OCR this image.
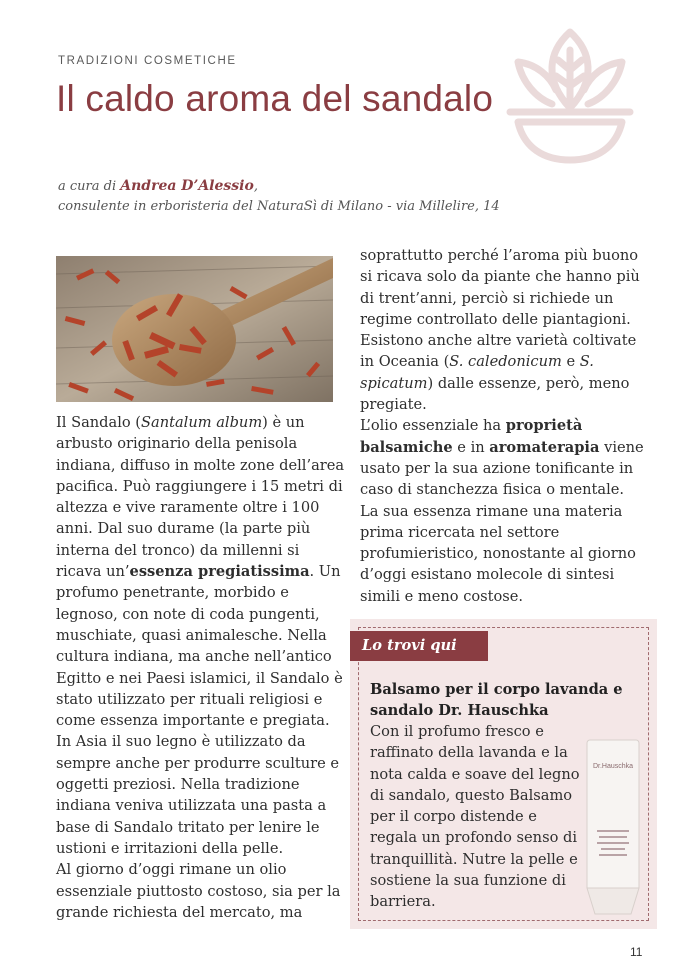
TRADIZIONI COSMETICHE
Il caldo aroma del sandalo
a cura di Andrea D’Alessio,
consulente in erboristeria del NaturaSì di Milano - via Millelire, 14

Il Sandalo (Santalum album) è un arbusto originario della penisola indiana, diffuso in molte zone dell’area pacifica. Può raggiungere i 15 metri di altezza e vive raramente oltre i 100 anni. Dal suo durame (la parte più interna del tronco) da millenni si ricava un’essenza pregiatissima. Un profumo penetrante, morbido e legnoso, con note di coda pungenti, muschiate, quasi animalesche. Nella cultura indiana, ma anche nell’antico Egitto e nei Paesi islamici, il Sandalo è stato utilizzato per rituali religiosi e come essenza importante e pregiata. In Asia il suo legno è utilizzato da sempre anche per produrre sculture e oggetti preziosi. Nella tradizione indiana veniva utilizzata una pasta a base di Sandalo tritato per lenire le ustioni e irritazioni della pelle.

Al giorno d’oggi rimane un olio essenziale piuttosto costoso, sia per la grande richiesta del mercato, ma

soprattutto perché l’aroma più buono si ricava solo da piante che hanno più di trent’anni, perciò si richiede un regime controllato delle piantagioni. Esistono anche altre varietà coltivate in Oceania (S. caledonicum e S. spicatum) dalle essenze, però, meno pregiate.

L’olio essenziale ha proprietà balsamiche e in aromaterapia viene usato per la sua azione tonificante in caso di stanchezza fisica o mentale.

La sua essenza rimane una materia prima ricercata nel settore profumieristico, nonostante al giorno d’oggi esistano molecole di sintesi simili e meno costose.

Lo trovi qui
Balsamo per il corpo lavanda e sandalo Dr. Hauschka
Con il profumo fresco e raffinato della lavanda e la nota calda e soave del legno di sandalo, questo Balsamo per il corpo distende e regala un profondo senso di tranquillità. Nutre la pelle e sostiene la sua funzione di barriera.
Dr.Hauschka
11
